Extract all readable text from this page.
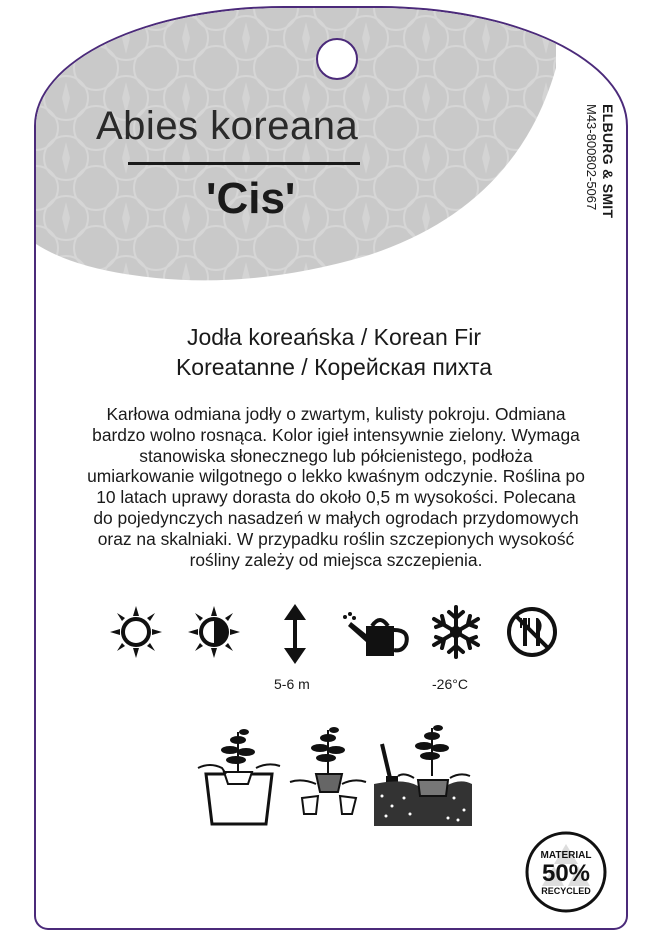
Abies koreana
'Cis'	ELBURG & SMIT
M43-800802-5067
Jodła koreańska / Korean Fir
Koreatanne / Корейская пихта
Karłowa odmiana jodły o zwartym, kulisty pokroju. Odmiana bardzo wolno rosnąca. Kolor igieł intensywnie zielony. Wymaga stanowiska słonecznego lub półcienistego, podłoża umiarkowanie wilgotnego o lekko kwaśnym odczynie. Roślina po 10 latach uprawy dorasta do około 0,5 m wysokości. Polecana do pojedynczych nasadzeń w małych ogrodach przydomowych oraz na skalniaki. W przypadku roślin szczepionych wysokość rośliny zależy od miejsca szczepienia.
5-6 m	-26°C
MATERIAL
50%
RECYCLED
